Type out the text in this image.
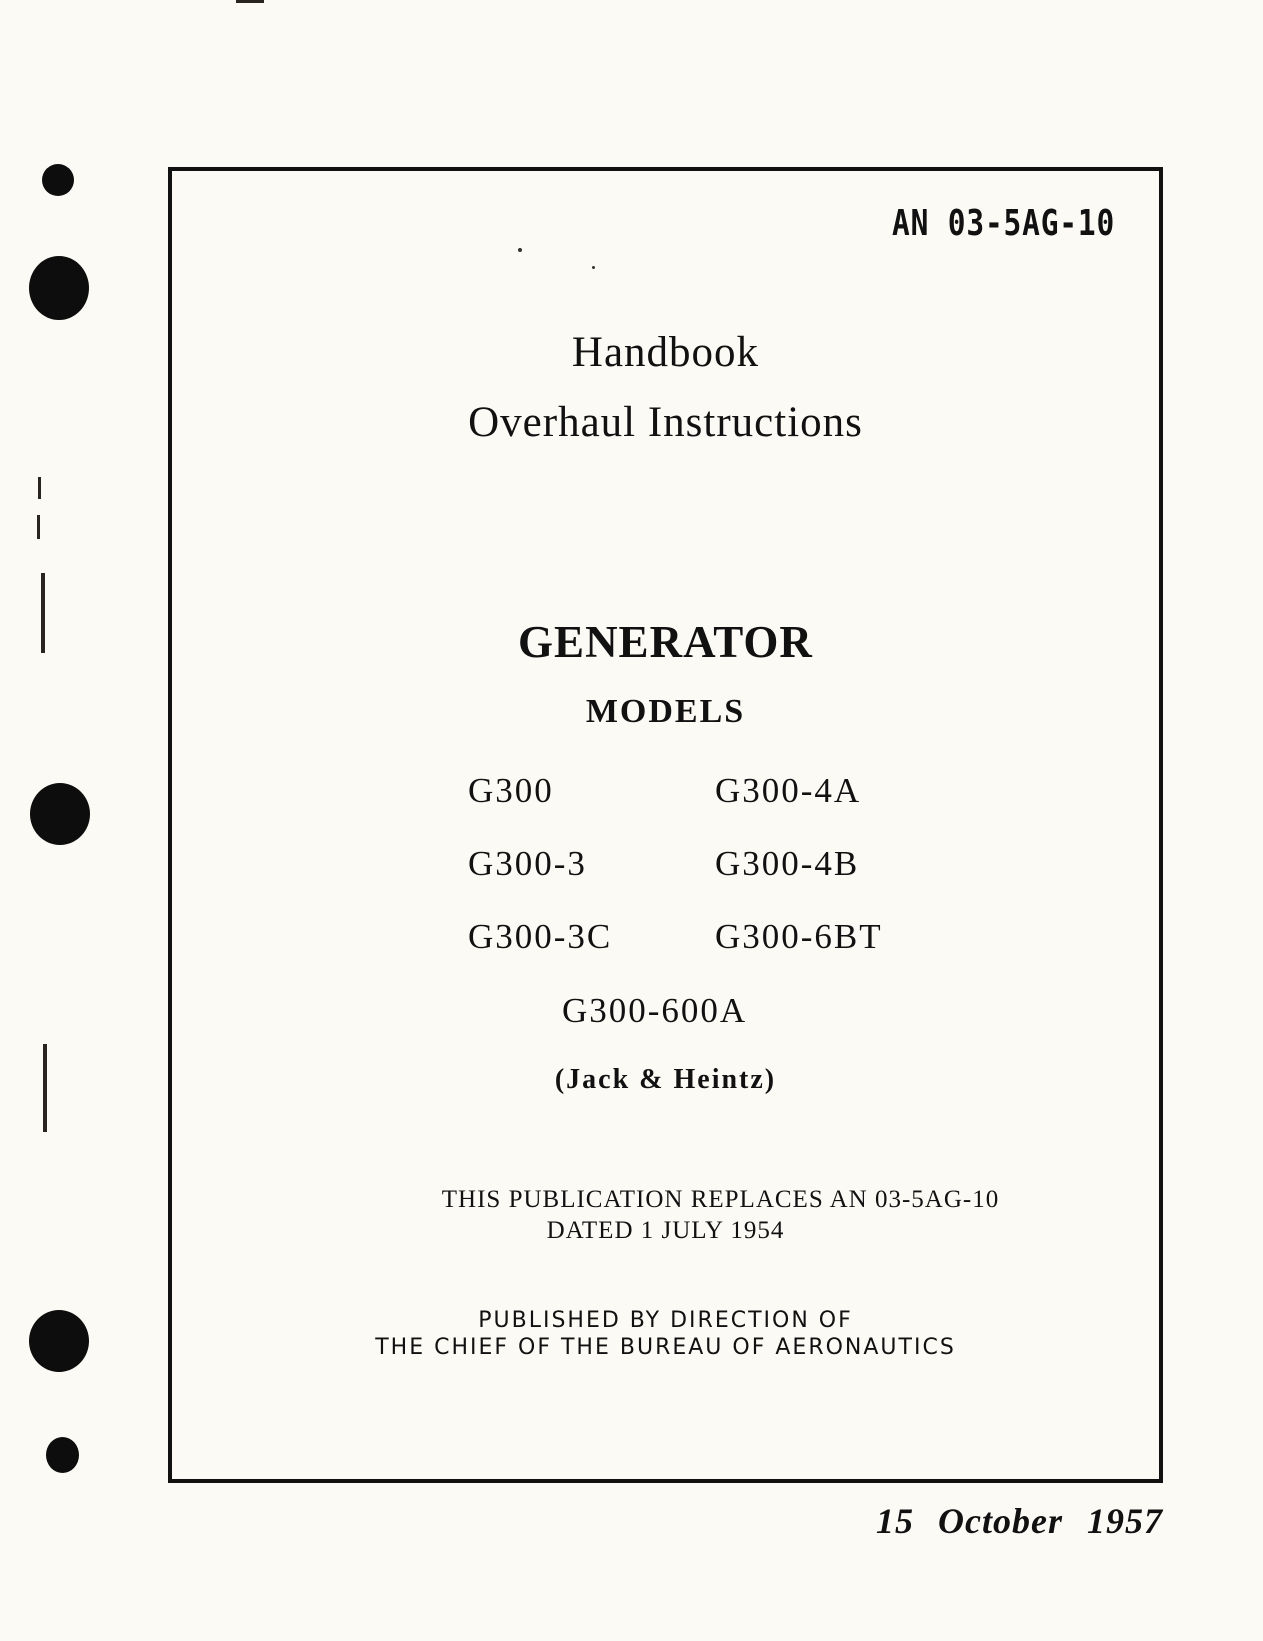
AN 03-5AG-10
Handbook
Overhaul Instructions
GENERATOR
MODELS
G300
G300-3
G300-3C
G300-4A
G300-4B
G300-6BT
G300-600A
(Jack & Heintz)
THIS PUBLICATION REPLACES AN 03-5AG-10
DATED 1 JULY 1954
PUBLISHED BY DIRECTION OF
THE CHIEF OF THE BUREAU OF AERONAUTICS
15 October 1957
